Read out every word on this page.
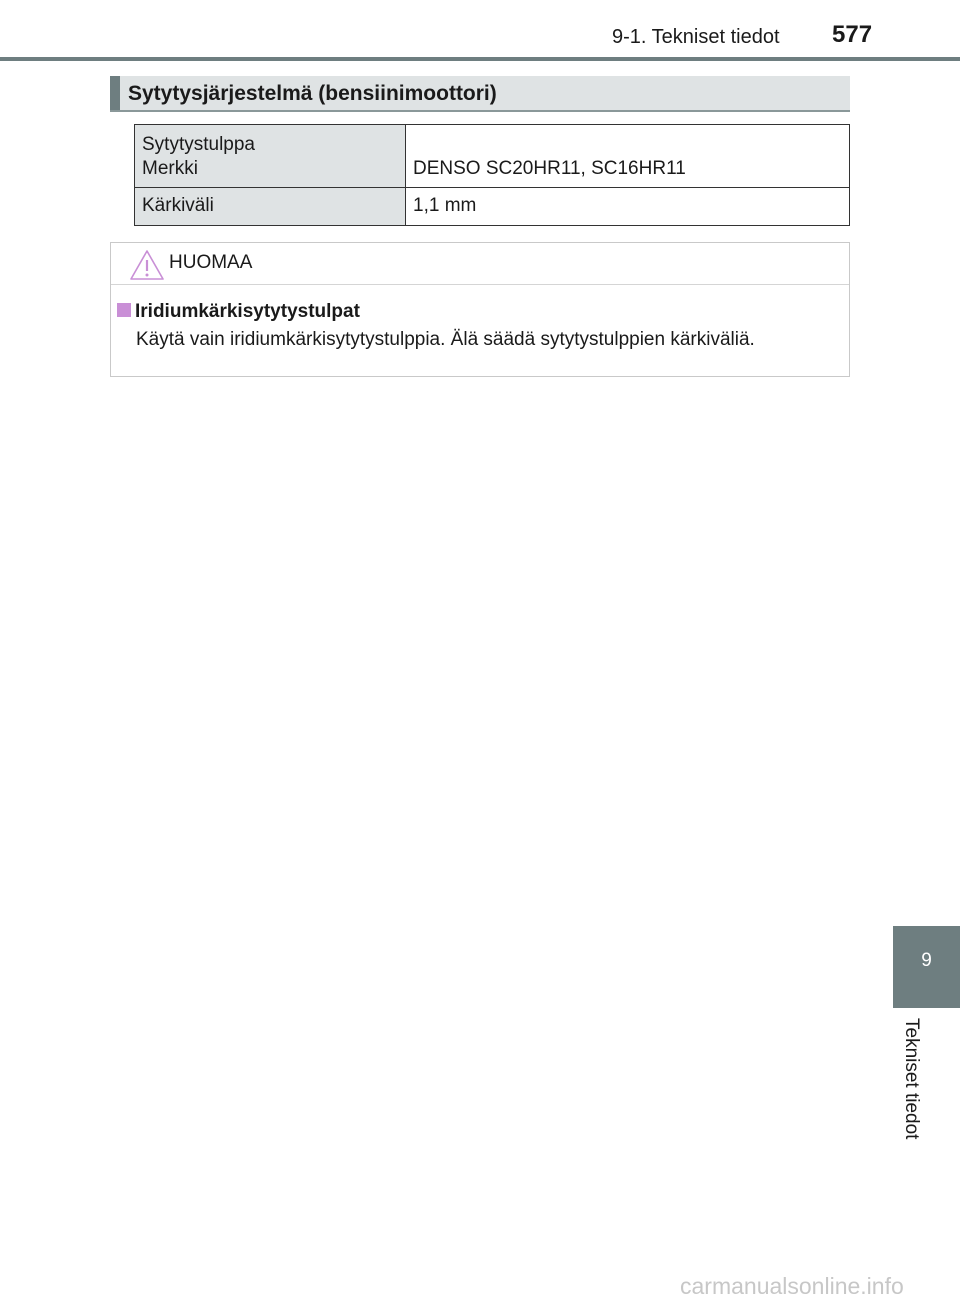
9-1. Tekniset tiedot 577
Sytytysjärjestelmä (bensiinimoottori)
Sytytystulppa
Merkki	DENSO SC20HR11, SC16HR11

Kärkiväli	1,1 mm
HUOMAA
Iridiumkärkisytytystulpat
Käytä vain iridiumkärkisytytystulppia. Älä säädä sytytystulppien kärkiväliä.
9
Tekniset tiedot
carmanualsonline.info
